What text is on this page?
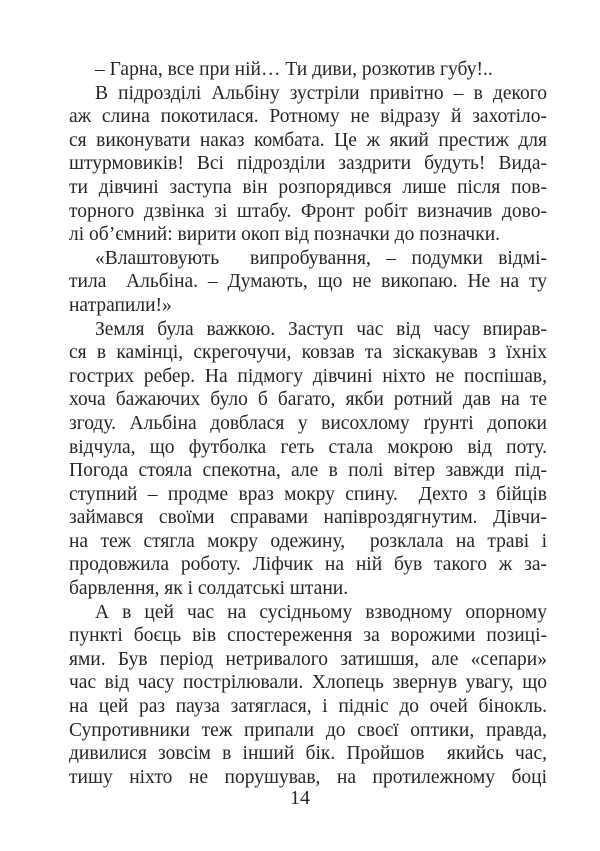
– Гарна, все при ній… Ти диви, розкотив губу!..
В підрозділі Альбіну зустріли привітно – в декого
аж слина покотилася. Ротному не відразу й захотіло-
ся виконувати наказ комбата. Це ж який престиж для
штурмовиків! Всі підрозділи заздрити будуть! Вида-
ти дівчині заступа він розпорядився лише після пов-
торного дзвінка зі штабу. Фронт робіт визначив дово-
лі об’ємний: вирити окоп від позначки до позначки.
«Влаштовують  випробування, – подумки відмі-
тила  Альбіна. – Думають, що не викопаю. Не на ту
натрапили!»
Земля була важкою. Заступ час від часу впирав-
ся в камінці, скрегочучи, ковзав та зіскакував з їхніх
гострих ребер. На підмогу дівчині ніхто не поспішав,
хоча бажаючих було б багато, якби ротний дав на те
згоду. Альбіна довблася у висохлому ґрунті допоки
відчула, що футболка геть стала мокрою від поту.
Погода стояла спекотна, але в полі вітер завжди під-
ступний – продме враз мокру спину.  Дехто з бійців
займався своїми справами напівроздягнутим. Дівчи-
на теж стягла мокру одежину,  розклала на траві і
продовжила роботу. Ліфчик на ній був такого ж за-
барвлення, як і солдатські штани.
А в цей час на сусідньому взводному опорному
пункті боєць вів спостереження за ворожими позиці-
ями. Був період нетривалого затишшя, але «сепари»
час від часу пострілювали. Хлопець звернув увагу, що
на цей раз пауза затяглася, і підніс до очей бінокль.
Супротивники теж припали до своєї оптики, правда,
дивилися зовсім в інший бік. Пройшов  якийсь час,
тишу ніхто не порушував, на протилежному боці
14
